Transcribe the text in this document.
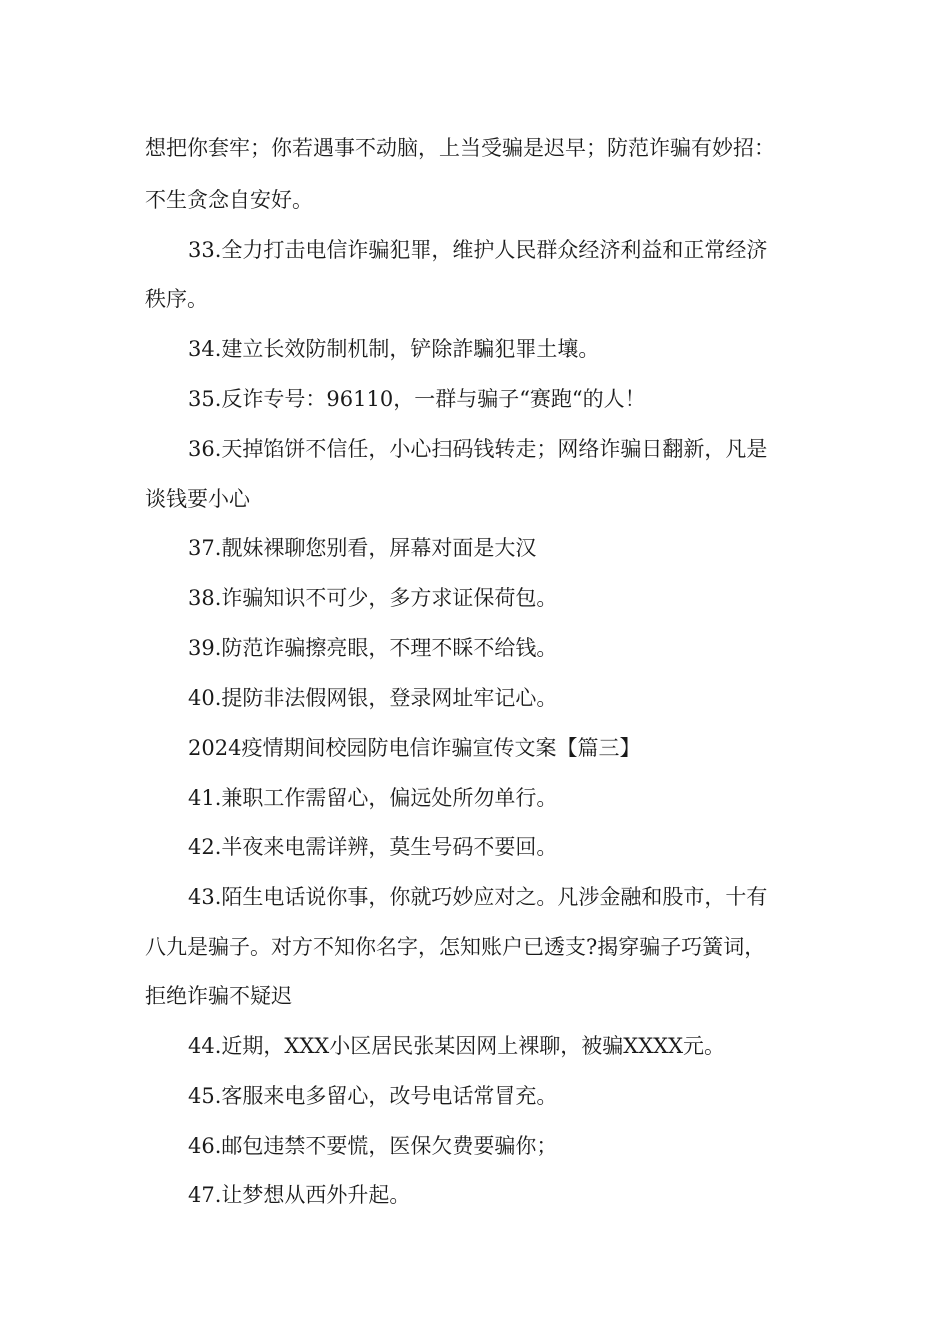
想把你套牢；你若遇事不动脑，上当受骗是迟早；防范诈骗有妙招：
不生贪念自安好。
33.全力打击电信诈骗犯罪，维护人民群众经济利益和正常经济
秩序。
34.建立长效防制机制，铲除詐騙犯罪土壤。
35.反诈专号：96110，一群与骗子“赛跑“的人！
36.天掉馅饼不信任，小心扫码钱转走；网络诈骗日翻新，凡是
谈钱要小心
37.靓妹裸聊您别看，屏幕对面是大汉
38.诈骗知识不可少，多方求证保荷包。
39.防范诈骗擦亮眼，不理不睬不给钱。
40.提防非法假网银，登录网址牢记心。
2024疫情期间校园防电信诈骗宣传文案【篇三】
41.兼职工作需留心，偏远处所勿单行。
42.半夜来电需详辨，莫生号码不要回。
43.陌生电话说你事，你就巧妙应对之。凡涉金融和股市，十有
八九是骗子。对方不知你名字，怎知账户已透支?揭穿骗子巧簧词，
拒绝诈骗不疑迟
44.近期，XXX小区居民张某因网上裸聊，被骗XXXX元。
45.客服来电多留心，改号电话常冒充。
46.邮包违禁不要慌，医保欠费要骗你；
47.让梦想从西外升起。
